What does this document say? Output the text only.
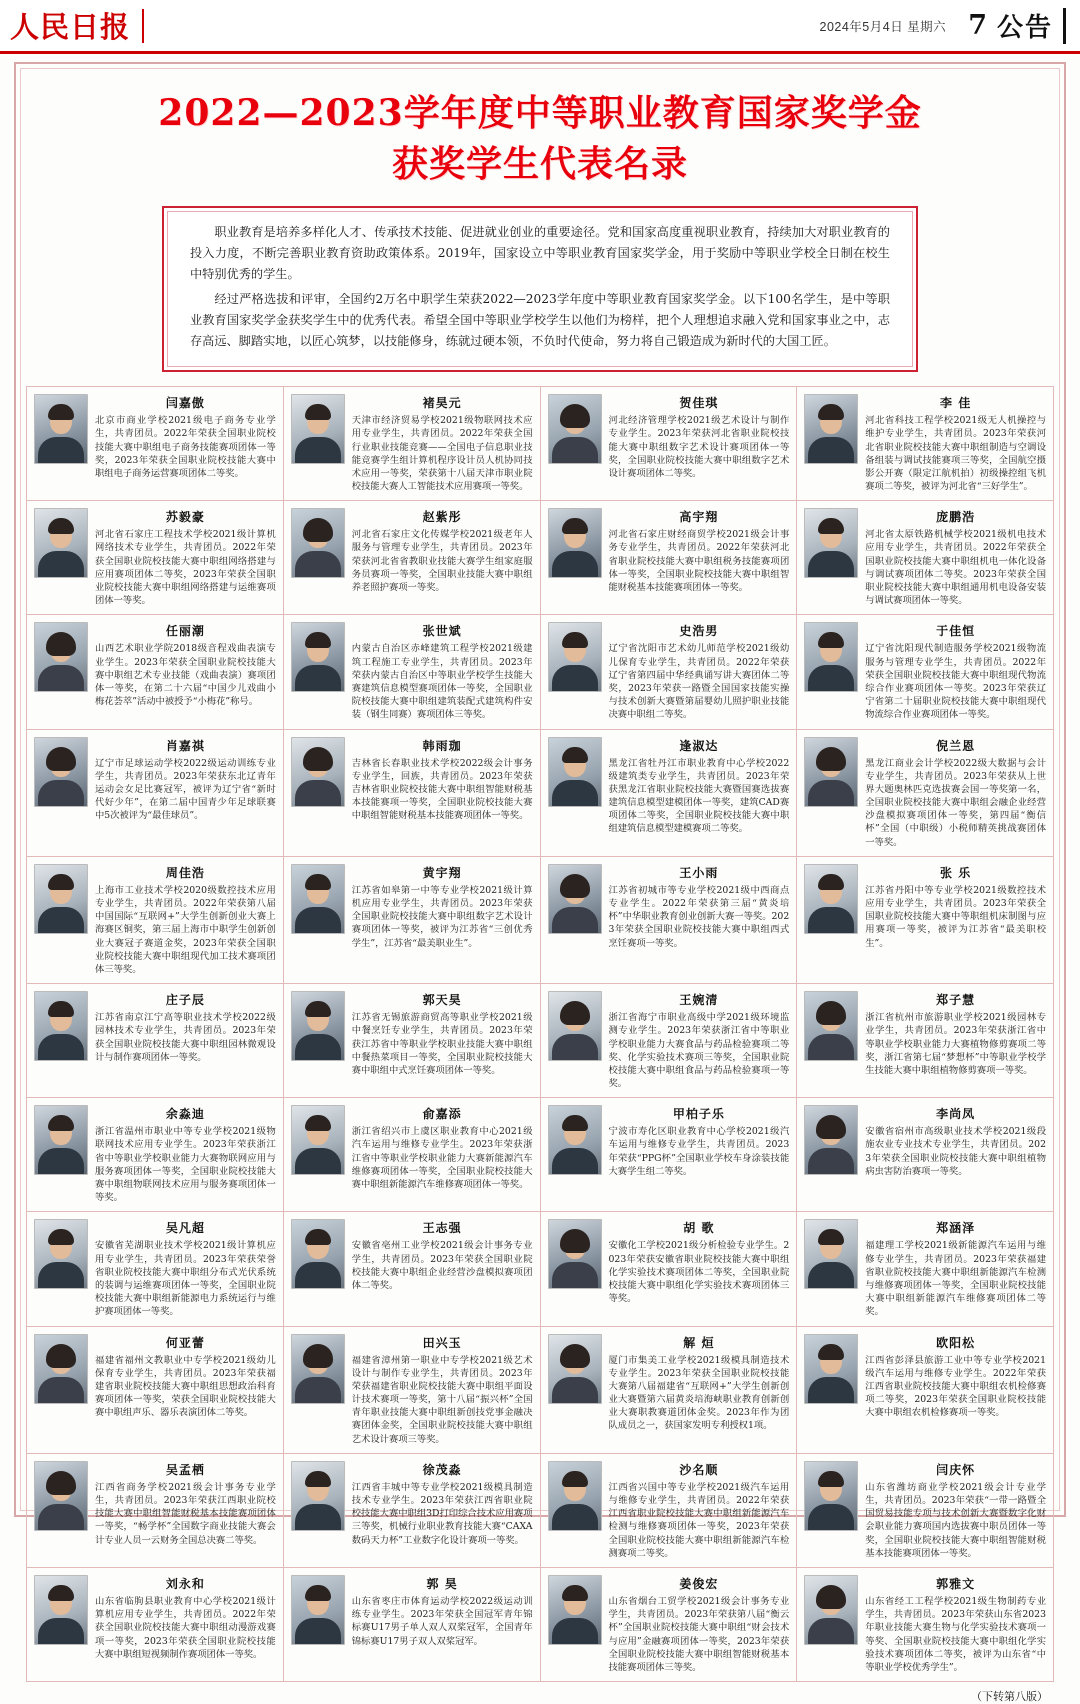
人民日报	2024年5月4日 星期六 7 公告
2022—2023学年度中等职业教育国家奖学金
获奖学生代表名录

职业教育是培养多样化人才、传承技术技能、促进就业创业的重要途径。党和国家高度重视职业教育，持续加大对职业教育的投入力度，不断完善职业教育资助政策体系。2019年，国家设立中等职业教育国家奖学金，用于奖励中等职业学校全日制在校生中特别优秀的学生。

经过严格选拔和评审，全国约2万名中职学生荣获2022—2023学年度中等职业教育国家奖学金。以下100名学生，是中等职业教育国家奖学金获奖学生中的优秀代表。希望全国中等职业学校学生以他们为榜样，把个人理想追求融入党和国家事业之中，志存高远、脚踏实地，以匠心筑梦，以技能修身，练就过硬本领，不负时代使命，努力将自己锻造成为新时代的大国工匠。

闫嘉傲
北京市商业学校2021级电子商务专业学生，共青团员。2022年荣获全国职业院校技能大赛中职组电子商务技能赛项团体一等奖，2023年荣获全国职业院校技能大赛中职组电子商务运营赛项团体二等奖。
褚昊元
天津市经济贸易学校2021级物联网技术应用专业学生，共青团员。2022年荣获全国行业职业技能竞赛——全国电子信息职业技能竞赛学生组计算机程序设计员人机协同技术应用一等奖，荣获第十八届天津市职业院校技能大赛人工智能技术应用赛项一等奖。
贺佳琪
河北经济管理学校2021级艺术设计与制作专业学生。2023年荣获河北省职业院校技能大赛中职组数字艺术设计赛项团体一等奖，全国职业院校技能大赛中职组数字艺术设计赛项团体二等奖。
李 佳
河北省科技工程学校2021级无人机操控与维护专业学生，共青团员。2023年荣获河北省职业院校技能大赛中职组制造与空调设备组装与调试技能赛项三等奖，全国航空摄影公开赛（限定江航机拍）初级操控组飞机赛项二等奖，被评为河北省“三好学生”。
苏毅豪
河北省石家庄工程技术学校2021级计算机网络技术专业学生，共青团员。2022年荣获全国职业院校技能大赛中职组网络搭建与应用赛项团体二等奖，2023年荣获全国职业院校技能大赛中职组网络搭建与运维赛项团体一等奖。
赵紫彤
河北省石家庄文化传媒学校2021级老年人服务与管理专业学生，共青团员。2023年荣获河北省省教职业技能大赛学生组家庭服务员赛项一等奖，全国职业技能大赛中职组养老照护赛项一等奖。
高宇翔
河北省石家庄财经商贸学校2021级会计事务专业学生，共青团员。2022年荣获河北省职业院校技能大赛中职组税务技能赛项团体一等奖，全国职业院校技能大赛中职组智能财税基本技能赛项团体一等奖。
庞鹏浩
河北省太原铁路机械学校2021级机电技术应用专业学生，共青团员。2022年荣获全国职业院校技能大赛中职组机电一体化设备与调试赛项团体二等奖。2023年荣获全国职业院校技能大赛中职组通用机电设备安装与调试赛项团体一等奖。
任丽潮
山西艺术职业学院2018级音程戏曲表演专业学生。2023年荣获全国职业院校技能大赛中职组艺术专业技能（戏曲表演）赛项团体一等奖，在第二十六届“中国少儿戏曲小梅花荟萃”活动中被授予“小梅花”称号。
张世斌
内蒙古自治区赤峰建筑工程学校2021级建筑工程施工专业学生，共青团员。2023年荣获内蒙古自治区中等职业学校学生技能大赛建筑信息模型赛项团体一等奖，全国职业院校技能大赛中职组建筑装配式建筑构件安装（钢生同赛）赛项团体三等奖。
史浩男
辽宁省沈阳市艺术幼儿师范学校2021级幼儿保育专业学生，共青团员。2022年荣获辽宁省第四届中华经典诵写讲大赛团体二等奖，2023年荣获一路暨全国国家技能实操与技术创新大赛暨第届婴幼儿照护职业技能决赛中职组二等奖。
于佳恒
辽宁省沈阳现代制造服务学校2021级物流服务与管理专业学生，共青团员。2022年荣获全国职业院校技能大赛中职组现代物流综合作业赛项团体一等奖。2023年荣获辽宁省第二十届职业院校技能大赛中职组现代物流综合作业赛项团体一等奖。
肖嘉祺
辽宁市足球运动学校2022级运动训练专业学生，共青团员。2023年荣获东北辽青年运动会女足比赛冠军，被评为辽宁省“新时代好少年”，在第二届中国青少年足球联赛中5次被评为“最佳球员”。
韩雨珈
吉林省长春职业技术学校2022级会计事务专业学生，回族，共青团员。2023年荣获吉林省职业院校技能大赛中职组智能财税基本技能赛项一等奖，全国职业院校技能大赛中职组智能财税基本技能赛项团体一等奖。
逢淑达
黑龙江省牡丹江市职业教育中心学校2022级建筑类专业学生，共青团员。2023年荣获黑龙江省职业院校技能大赛暨国赛选拔赛建筑信息模型建模团体一等奖，建筑CAD赛项团体二等奖，全国职业院校技能大赛中职组建筑信息模型建模赛项二等奖。
倪兰恩
黑龙江商业会计学校2022级大数据与会计专业学生，共青团员。2023年荣获从上世界大题奥林匹克选拔赛会国一等奖第一名，全国职业院校技能大赛中职组会融企业经营沙盘模拟赛项团体一等奖，第四届“衡信杯”全国（中职级）小税师精英挑战赛团体一等奖。
周佳浩
上海市工业技术学校2020级数控技术应用专业学生，共青团员。2022年荣获第八届中国国际“互联网+”大学生创新创业大赛上海赛区铜奖，第三届上海市中职学生创新创业大赛冠子赛道金奖，2023年荣获全国职业院校技能大赛中职组现代加工技术赛项团体三等奖。
黄宇翔
江苏省如皋第一中等专业学校2021级计算机应用专业学生，共青团员。2023年荣获全国职业院校技能大赛中职组数字艺术设计赛项团体一等奖，被评为江苏省“三创优秀学生”，江苏省“最美职业生”。
王小雨
江苏省初城市等专业学校2021级中西商点专业学生。2022年荣获第三届“黄炎培杯”中华职业教育创业创新大赛一等奖。2023年荣获全国职业院校技能大赛中职组西式烹饪赛项一等奖。
张 乐
江苏省丹阳中等专业学校2021级数控技术应用专业学生，共青团员。2023年荣获全国职业院校技能大赛中等职组机床制图与应用赛项一等奖，被评为江苏省“最美职校生”。
庄子辰
江苏省南京江宁高等职业技术学校2022级园林技术专业学生，共青团员。2023年荣获全国职业院校技能大赛中职组园林微观设计与制作赛项团体一等奖。
郭天昊
江苏省无锡旅游商贸高等职业学校2021级中餐烹饪专业学生，共青团员。2023年荣获江苏省中等职业学校职业技能大赛中职组中餐热菜项目一等奖，全国职业院校技能大赛中职组中式烹饪赛项团体一等奖。
王婉清
浙江省海宁市职业高级中学2021级环境监测专业学生。2023年荣获浙江省中等职业学校职业能力大赛食品与药品检验赛项二等奖、化学实验技术赛项三等奖，全国职业院校技能大赛中职组食品与药品检验赛项一等奖。
郑子慧
浙江省杭州市旅游职业学校2021级园林专业学生，共青团员。2023年荣获浙江省中等职业学校职业能力大赛植物修剪赛项二等奖，浙江省第七届“梦想杯”中等职业学校学生技能大赛中职组植物修剪赛项一等奖。
余淼迪
浙江省温州市职业中等专业学校2021级物联网技术应用专业学生。2023年荣获浙江省中等职业学校职业能力大赛物联网应用与服务赛项团体一等奖，全国职业院校技能大赛中职组物联网技术应用与服务赛项团体一等奖。
俞嘉添
浙江省绍兴市上虞区职业教育中心2021级汽车运用与维修专业学生。2023年荣获浙江省中等职业学校职业能力大赛新能源汽车维修赛项团体一等奖，全国职业院校技能大赛中职组新能源汽车维修赛项团体一等奖。
甲柏子乐
宁波市寿化区职业教育中心学校2021级汽车运用与维修专业学生，共青团员。2023年荣获“PPG杯”全国职业学校车身涂装技能大赛学生组二等奖。
李尚凤
安徽省宿州市高级职业技术学校2021级段施农业专业技术专业学生，共青团员。2023年荣获全国职业院校技能大赛中职组植物病虫害防治赛项一等奖。
吴凡超
安徽省芜湖职业技术学校2021级计算机应用专业学生，共青团员。2023年荣获荣誉省职业院校技能大赛中职组分布式光伏系统的装调与运维赛项团体一等奖，全国职业院校技能大赛中职组新能源电力系统运行与维护赛项团体一等奖。
王志强
安徽省亳州工业学校2021级会计事务专业学生，共青团员。2023年荣获全国职业院校技能大赛中职组企业经营沙盘模拟赛项团体二等奖。
胡 歌
安徽化工学校2021级分析检验专业学生。2023年荣获安徽省职业院校技能大赛中职组化学实验技术赛项团体二等奖，全国职业院校技能大赛中职组化学实验技术赛项团体三等奖。
郑涵泽
福建理工学校2021级新能源汽车运用与维修专业学生，共青团员。2023年荣获福建省职业院校技能大赛中职组新能源汽车检测与维修赛项团体一等奖，全国职业院校技能大赛中职组新能源汽车维修赛项团体二等奖。
何亚蕾
福建省福州文教职业中专学校2021级幼儿保育专业学生，共青团员。2023年荣获福建省职业院校技能大赛中职组思想政治科育赛项团体一等奖，荣获全国职业院校技能大赛中职组声乐、器乐表演团体二等奖。
田兴玉
福建省漳州第一职业中专学校2021级艺术设计与制作专业学生，共青团员。2023年荣获福建省职业院校技能大赛中职组平面设计技术赛项一等奖，第十八届“振兴杯”全国青年职业技能大赛中职组新创技党事金融决赛团体金奖，全国职业院校技能大赛中职组艺术设计赛项三等奖。
解 烜
厦门市集美工业学校2021级模具制造技术专业学生。2023年荣获全国职业院校技能大赛第八届福建省“互联网+”大学生创新创业大赛暨第六届黄炎培海峡职业教育创新创业大赛职教赛道团体金奖。2023年作为团队成员之一，获国家发明专利授权1项。
欧阳松
江西省彭泽县旅游工业中等专业学校2021级汽车运用与维修专业学生。2022年荣获江西省职业院校技能大赛中职组农机检修赛项二等奖，2023年荣获全国职业院校技能大赛中职组农机检修赛项一等奖。
吴孟栖
江西省商务学校2021级会计事务专业学生，共青团员。2023年荣获江西职业院校技能大赛中职组智能财税基本技能赛项团体一等奖，“畅学杯”全国数字商业技能大赛会计专业人员一云财务全国总决赛二等奖。
徐茂淼
江西省丰城中等专业学校2021级模具制造技术专业学生。2023年荣获江西省职业院校技能大赛中职组3D打印综合技术应用赛项三等奖，机械行业职业教育技能大赛“CAXA数码天力杯”工业数字化设计赛项一等奖。
沙名顺
江西省兴国中等专业学校2021级汽车运用与维修专业学生，共青团员。2022年荣获江西省职业院校技能大赛中职组新能源汽车检测与维修赛项团体一等奖，2023年荣获全国职业院校技能大赛中职组新能源汽车检测赛项二等奖。
闫庆怀
山东省潍坊商业学校2021级会计专业学生，共青团员。2023年荣获“一带一路暨全国贸易技能专项与技术创新大赛暨数字化财会职业能力赛项国内选拔赛中职员团体一等奖，全国职业院校技能大赛中职组智能财税基本技能赛项团体一等奖。
刘永和
山东省临朐县职业教育中心学校2021级计算机应用专业学生，共青团员。2022年荣获全国职业院校技能大赛中职组动漫游戏赛项一等奖，2023年荣获全国职业院校技能大赛中职组短视频制作赛项团体一等奖。
郭 昊
山东省枣庄市体育运动学校2022级运动训练专业学生。2023年荣获全国冠军青年锦标赛U17男子单人双人双桨冠军，全国青年锦标赛U17男子双人双桨冠军。
姜俊宏
山东省烟台工贸学校2021级会计事务专业学生，共青团员。2023年荣获第八届“衡云杯”全国职业院校技能大赛中职组“财会技术与应用”金融赛项团体一等奖，2023年荣获全国职业院校技能大赛中职组智能财税基本技能赛项团体三等奖。
郭雅文
山东省经工工程学校2021级生物制药专业学生，共青团员。2023年荣获山东省2023年职业技能大赛生物与化学实验技术赛项一等奖、全国职业院校技能大赛中职组化学实验技术赛项团体二等奖，被评为山东省“中等职业学校优秀学生”。
（下转第八版）
